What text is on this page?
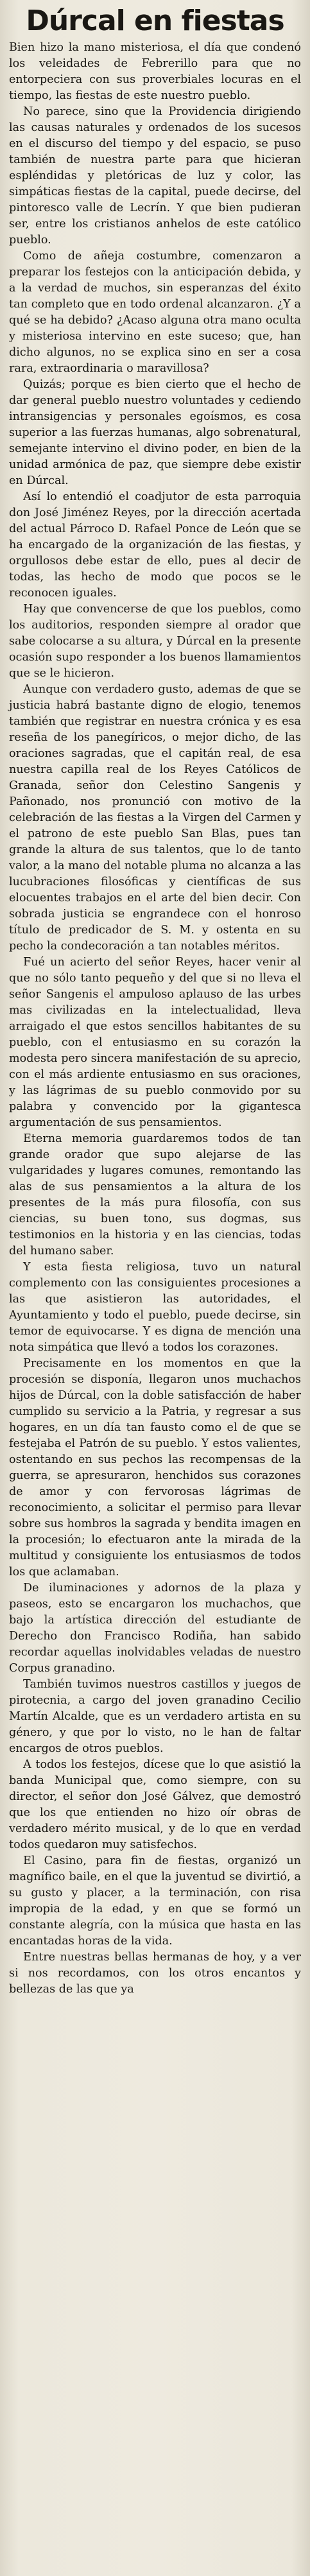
Dúrcal en fiestas

Bien hizo la mano misteriosa, el día que condenó los veleidades de Febrerillo para que no entorpeciera con sus proverbiales locuras en el tiempo, las fiestas de este nuestro pueblo.

No parece, sino que la Providencia dirigiendo las causas naturales y ordenados de los sucesos en el discurso del tiempo y del espacio, se puso también de nuestra parte para que hicieran espléndidas y pletóricas de luz y color, las simpáticas fiestas de la capital, puede decirse, del pintoresco valle de Lecrín. Y que bien pudieran ser, entre los cristianos anhelos de este católico pueblo.

Como de añeja costumbre, comenzaron a preparar los festejos con la anticipación debida, y a la verdad de muchos, sin esperanzas del éxito tan completo que en todo ordenal alcanzaron. ¿Y a qué se ha debido? ¿Acaso alguna otra mano oculta y misteriosa intervino en este suceso; que, han dicho algunos, no se explica sino en ser a cosa rara, extraordinaria o maravillosa?

Quizás; porque es bien cierto que el hecho de dar general pueblo nuestro voluntades y cediendo intransigencias y personales egoísmos, es cosa superior a las fuerzas humanas, algo sobrenatural, semejante intervino el divino poder, en bien de la unidad armónica de paz, que siempre debe existir en Dúrcal.

Así lo entendió el coadjutor de esta parroquia don José Jiménez Reyes, por la dirección acertada del actual Párroco D. Rafael Ponce de León que se ha encargado de la organización de las fiestas, y orgullosos debe estar de ello, pues al decir de todas, las hecho de modo que pocos se le reconocen iguales.

Hay que convencerse de que los pueblos, como los auditorios, responden siempre al orador que sabe colocarse a su altura, y Dúrcal en la presente ocasión supo responder a los buenos llamamientos que se le hicieron.

Aunque con verdadero gusto, ademas de que se justicia habrá bastante digno de elogio, tenemos también que registrar en nuestra crónica y es esa reseña de los panegíricos, o mejor dicho, de las oraciones sagradas, que el capitán real, de esa nuestra capilla real de los Reyes Católicos de Granada, señor don Celestino Sangenis y Pañonado, nos pronunció con motivo de la celebración de las fiestas a la Virgen del Carmen y el patrono de este pueblo San Blas, pues tan grande la altura de sus talentos, que lo de tanto valor, a la mano del notable pluma no alcanza a las lucubraciones filosóficas y científicas de sus elocuentes trabajos en el arte del bien decir. Con sobrada justicia se engrandece con el honroso título de predicador de S. M. y ostenta en su pecho la condecoración a tan notables méritos.

Fué un acierto del señor Reyes, hacer venir al que no sólo tanto pequeño y del que si no lleva el señor Sangenis el ampuloso aplauso de las urbes mas civilizadas en la intelectualidad, lleva arraigado el que estos sencillos habitantes de su pueblo, con el entusiasmo en su corazón la modesta pero sincera manifestación de su aprecio, con el más ardiente entusiasmo en sus oraciones, y las lágrimas de su pueblo conmovido por su palabra y convencido por la gigantesca argumentación de sus pensamientos.

Eterna memoria guardaremos todos de tan grande orador que supo alejarse de las vulgaridades y lugares comunes, remontando las alas de sus pensamientos a la altura de los presentes de la más pura filosofía, con sus ciencias, su buen tono, sus dogmas, sus testimonios en la historia y en las ciencias, todas del humano saber.

Y esta fiesta religiosa, tuvo un natural complemento con las consiguientes procesiones a las que asistieron las autoridades, el Ayuntamiento y todo el pueblo, puede decirse, sin temor de equivocarse. Y es digna de mención una nota simpática que llevó a todos los corazones.

Precisamente en los momentos en que la procesión se disponía, llegaron unos muchachos hijos de Dúrcal, con la doble satisfacción de haber cumplido su servicio a la Patria, y regresar a sus hogares, en un día tan fausto como el de que se festejaba el Patrón de su pueblo. Y estos valientes, ostentando en sus pechos las recompensas de la guerra, se apresuraron, henchidos sus corazones de amor y con fervorosas lágrimas de reconocimiento, a solicitar el permiso para llevar sobre sus hombros la sagrada y bendita imagen en la procesión; lo efectuaron ante la mirada de la multitud y consiguiente los entusiasmos de todos los que aclamaban.

De iluminaciones y adornos de la plaza y paseos, esto se encargaron los muchachos, que bajo la artística dirección del estudiante de Derecho don Francisco Rodiña, han sabido recordar aquellas inolvidables veladas de nuestro Corpus granadino.

También tuvimos nuestros castillos y juegos de pirotecnia, a cargo del joven granadino Cecilio Martín Alcalde, que es un verdadero artista en su género, y que por lo visto, no le han de faltar encargos de otros pueblos.

A todos los festejos, dícese que lo que asistió la banda Municipal que, como siempre, con su director, el señor don José Gálvez, que demostró que los que entienden no hizo oír obras de verdadero mérito musical, y de lo que en verdad todos quedaron muy satisfechos.

El Casino, para fin de fiestas, organizó un magnífico baile, en el que la juventud se divirtió, a su gusto y placer, a la terminación, con risa impropia de la edad, y en que se formó un constante alegría, con la música que hasta en las encantadas horas de la vida.

Entre nuestras bellas hermanas de hoy, y a ver si nos recordamos, con los otros encantos y bellezas de las que ya
